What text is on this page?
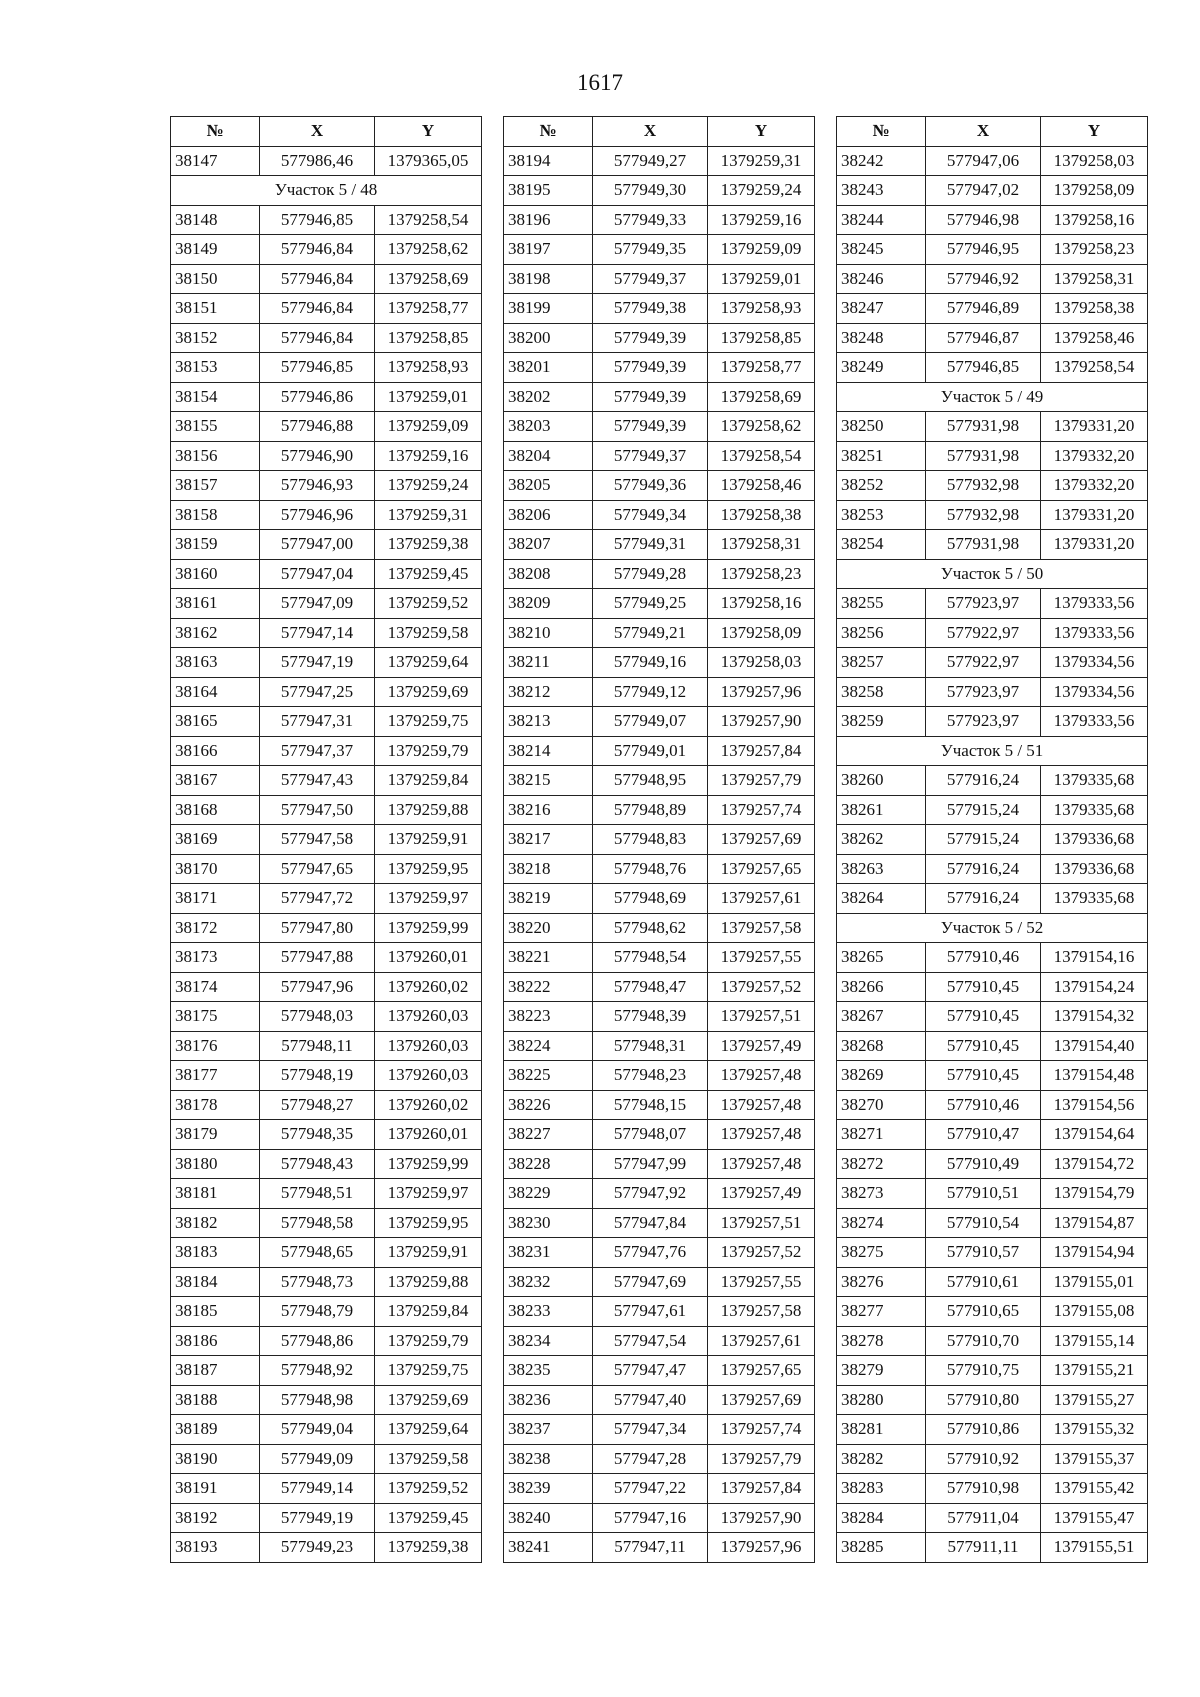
1617
№	X	Y
38147	577986,46	1379365,05
Участок 5 / 48		
38148	577946,85	1379258,54
38149	577946,84	1379258,62
38150	577946,84	1379258,69
38151	577946,84	1379258,77
38152	577946,84	1379258,85
38153	577946,85	1379258,93
38154	577946,86	1379259,01
38155	577946,88	1379259,09
38156	577946,90	1379259,16
38157	577946,93	1379259,24
38158	577946,96	1379259,31
38159	577947,00	1379259,38
38160	577947,04	1379259,45
38161	577947,09	1379259,52
38162	577947,14	1379259,58
38163	577947,19	1379259,64
38164	577947,25	1379259,69
38165	577947,31	1379259,75
38166	577947,37	1379259,79
38167	577947,43	1379259,84
38168	577947,50	1379259,88
38169	577947,58	1379259,91
38170	577947,65	1379259,95
38171	577947,72	1379259,97
38172	577947,80	1379259,99
38173	577947,88	1379260,01
38174	577947,96	1379260,02
38175	577948,03	1379260,03
38176	577948,11	1379260,03
38177	577948,19	1379260,03
38178	577948,27	1379260,02
38179	577948,35	1379260,01
38180	577948,43	1379259,99
38181	577948,51	1379259,97
38182	577948,58	1379259,95
38183	577948,65	1379259,91
38184	577948,73	1379259,88
38185	577948,79	1379259,84
38186	577948,86	1379259,79
38187	577948,92	1379259,75
38188	577948,98	1379259,69
38189	577949,04	1379259,64
38190	577949,09	1379259,58
38191	577949,14	1379259,52
38192	577949,19	1379259,45
38193	577949,23	1379259,38
№	X	Y
38194	577949,27	1379259,31
38195	577949,30	1379259,24
38196	577949,33	1379259,16
38197	577949,35	1379259,09
38198	577949,37	1379259,01
38199	577949,38	1379258,93
38200	577949,39	1379258,85
38201	577949,39	1379258,77
38202	577949,39	1379258,69
38203	577949,39	1379258,62
38204	577949,37	1379258,54
38205	577949,36	1379258,46
38206	577949,34	1379258,38
38207	577949,31	1379258,31
38208	577949,28	1379258,23
38209	577949,25	1379258,16
38210	577949,21	1379258,09
38211	577949,16	1379258,03
38212	577949,12	1379257,96
38213	577949,07	1379257,90
38214	577949,01	1379257,84
38215	577948,95	1379257,79
38216	577948,89	1379257,74
38217	577948,83	1379257,69
38218	577948,76	1379257,65
38219	577948,69	1379257,61
38220	577948,62	1379257,58
38221	577948,54	1379257,55
38222	577948,47	1379257,52
38223	577948,39	1379257,51
38224	577948,31	1379257,49
38225	577948,23	1379257,48
38226	577948,15	1379257,48
38227	577948,07	1379257,48
38228	577947,99	1379257,48
38229	577947,92	1379257,49
38230	577947,84	1379257,51
38231	577947,76	1379257,52
38232	577947,69	1379257,55
38233	577947,61	1379257,58
38234	577947,54	1379257,61
38235	577947,47	1379257,65
38236	577947,40	1379257,69
38237	577947,34	1379257,74
38238	577947,28	1379257,79
38239	577947,22	1379257,84
38240	577947,16	1379257,90
38241	577947,11	1379257,96
№	X	Y
38242	577947,06	1379258,03
38243	577947,02	1379258,09
38244	577946,98	1379258,16
38245	577946,95	1379258,23
38246	577946,92	1379258,31
38247	577946,89	1379258,38
38248	577946,87	1379258,46
38249	577946,85	1379258,54
Участок 5 / 49		
38250	577931,98	1379331,20
38251	577931,98	1379332,20
38252	577932,98	1379332,20
38253	577932,98	1379331,20
38254	577931,98	1379331,20
Участок 5 / 50		
38255	577923,97	1379333,56
38256	577922,97	1379333,56
38257	577922,97	1379334,56
38258	577923,97	1379334,56
38259	577923,97	1379333,56
Участок 5 / 51		
38260	577916,24	1379335,68
38261	577915,24	1379335,68
38262	577915,24	1379336,68
38263	577916,24	1379336,68
38264	577916,24	1379335,68
Участок 5 / 52		
38265	577910,46	1379154,16
38266	577910,45	1379154,24
38267	577910,45	1379154,32
38268	577910,45	1379154,40
38269	577910,45	1379154,48
38270	577910,46	1379154,56
38271	577910,47	1379154,64
38272	577910,49	1379154,72
38273	577910,51	1379154,79
38274	577910,54	1379154,87
38275	577910,57	1379154,94
38276	577910,61	1379155,01
38277	577910,65	1379155,08
38278	577910,70	1379155,14
38279	577910,75	1379155,21
38280	577910,80	1379155,27
38281	577910,86	1379155,32
38282	577910,92	1379155,37
38283	577910,98	1379155,42
38284	577911,04	1379155,47
38285	577911,11	1379155,51
